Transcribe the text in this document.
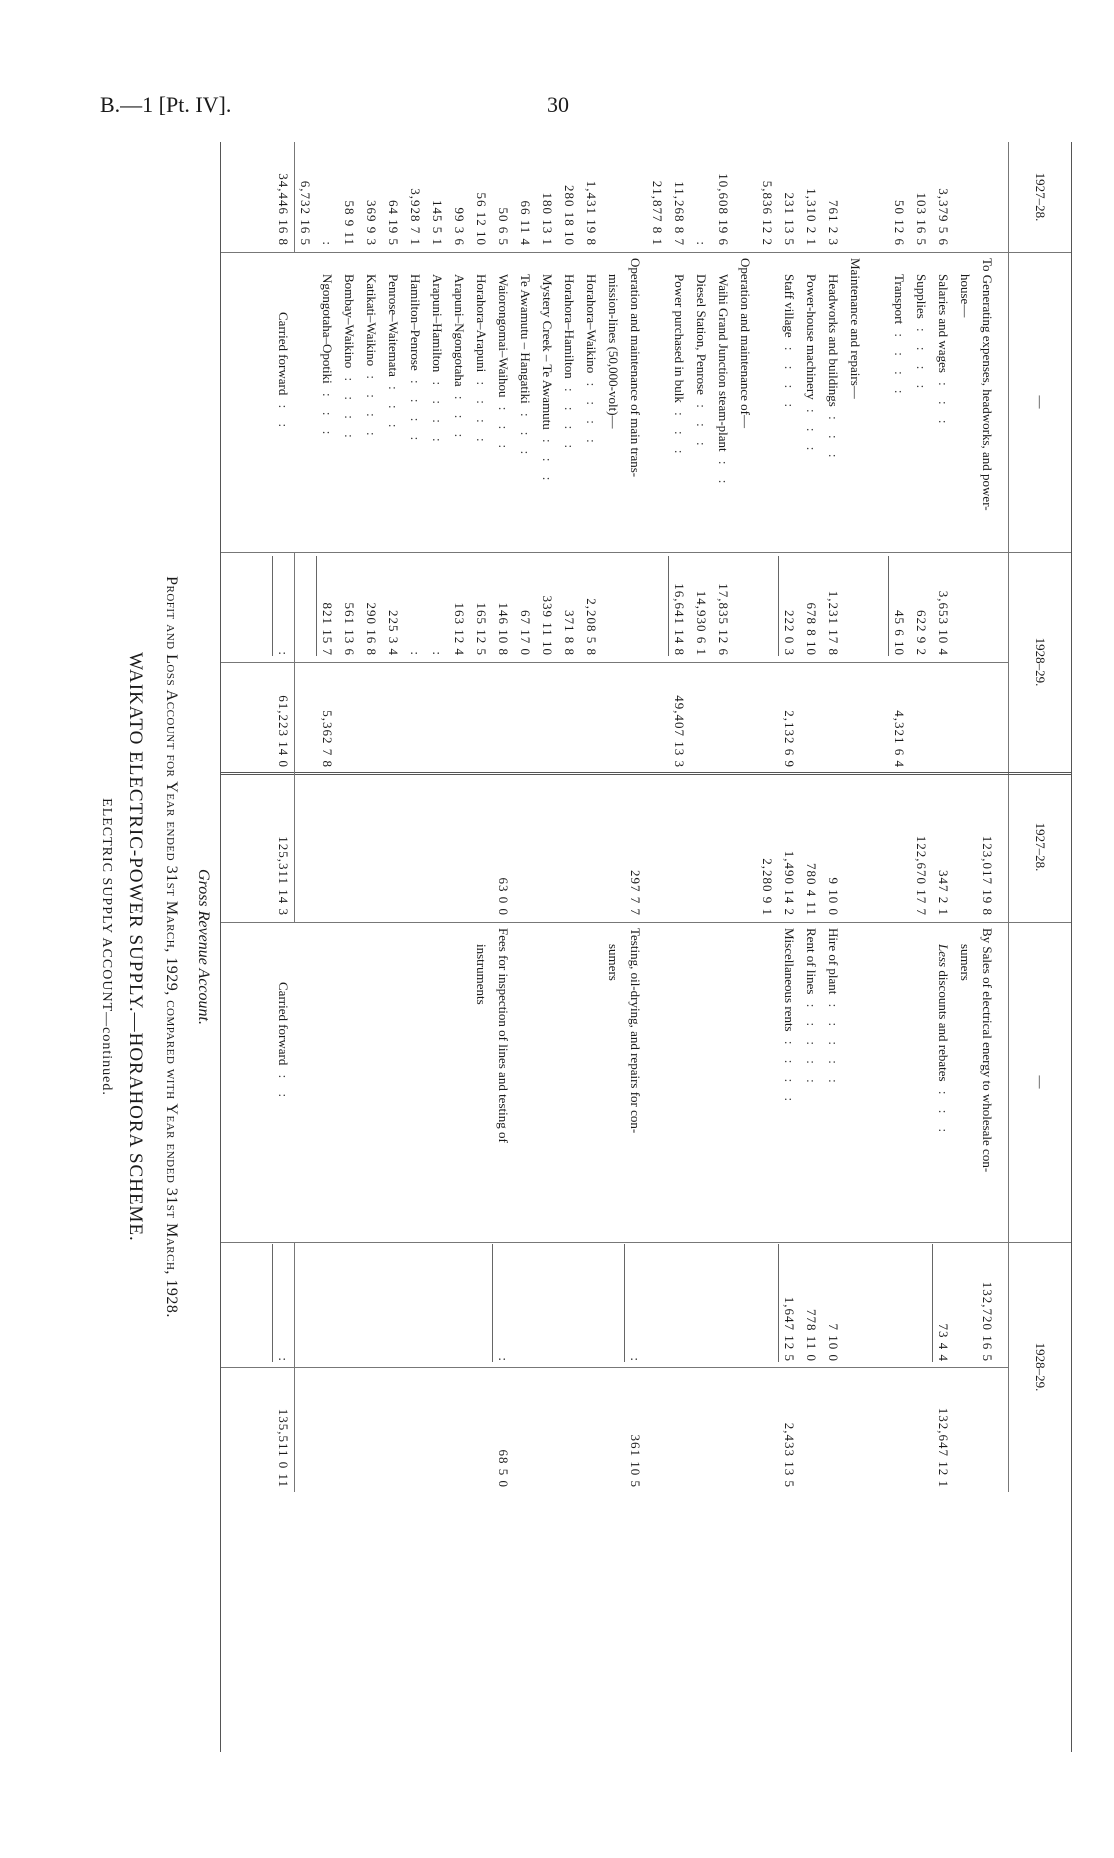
B.—1 [Pt. IV].	30
ELECTRIC SUPPLY ACCOUNT—continued. WAIKATO ELECTRIC-POWER SUPPLY.—HORAHORA SCHEME. Profit and Loss Account for Year ended 31st March, 1929, compared with Year ended 31st March, 1928. Gross Revenue Account.
1927–28.
—
1928–29.
1927–28.
—
1928–29.
To Generating expenses, headworks, and power-
house—
Salaries and wages : : :
3,379 5 6
3,653 10 4
Supplies : : : :
103 16 5
622 9 2
Transport : : : :
50 12 6
45 6 10
4,321 6 4
Maintenance and repairs—
Headworks and buildings : : :
761 2 3
1,231 17 8
Power-house machinery : : :
1,310 2 1
678 8 10
Staff village : : : :
231 13 5
222 0 3
2,132 6 9
5,836 12 2
Operation and maintenance of—
Waihi Grand Junction steam-plant : :
10,608 19 6
17,835 12 6
Diesel Station, Penrose : : :
:
14,930 6 1
Power purchased in bulk : : :
11,268 8 7
16,641 14 8
49,407 13 3
21,877 8 1
Operation and maintenance of main trans-
mission-lines (50,000-volt)—
Horahora–Waikino : : : :
1,431 19 8
2,208 5 8
Horahora–Hamilton : : : :
280 18 10
371 8 8
Mystery Creek – Te Awamutu : : :
180 13 1
339 11 10
Te Awamutu – Hangatiki : : :
66 11 4
67 17 0
Waiorongomai–Waihou : : :
50 6 5
146 10 8
Horahora–Arapuni : : : :
56 12 10
165 12 5
Arapuni–Ngongotaha : : :
99 3 6
163 12 4
Arapuni–Hamilton : : : :
145 5 1
:
Hamilton–Penrose : : : :
3,928 7 1
:
Penrose–Waitemata : : :
64 19 5
225 3 4
Katikati–Waikino : : : :
369 9 3
290 16 8
Bombay–Waikino : : : :
58 9 11
561 13 6
Ngongotaha–Opotiki : : :
:
821 15 7
5,362 7 8
6,732 16 5
Carried forward : :
34,446 16 8
:
61,223 14 0
By Sales of electrical energy to wholesale con-
123,017 19 8
132,720 16 5
sumers
Less discounts and rebates : : :
347 2 1
73 4 4
132,647 12 1
122,670 17 7
Hire of plant : : : : :
9 10 0
7 10 0
Rent of lines : : : : :
780 4 11
778 11 0
Miscellaneous rents : : : :
1,490 14 2
1,647 12 5
2,433 13 5
2,280 9 1
Testing, oil-drying, and repairs for con-
297 7 7
:
361 10 5
sumers
Fees for inspection of lines and testing of
63 0 0
:
68 5 0
instruments
Carried forward : :
125,311 14 3
:
135,511 0 11
